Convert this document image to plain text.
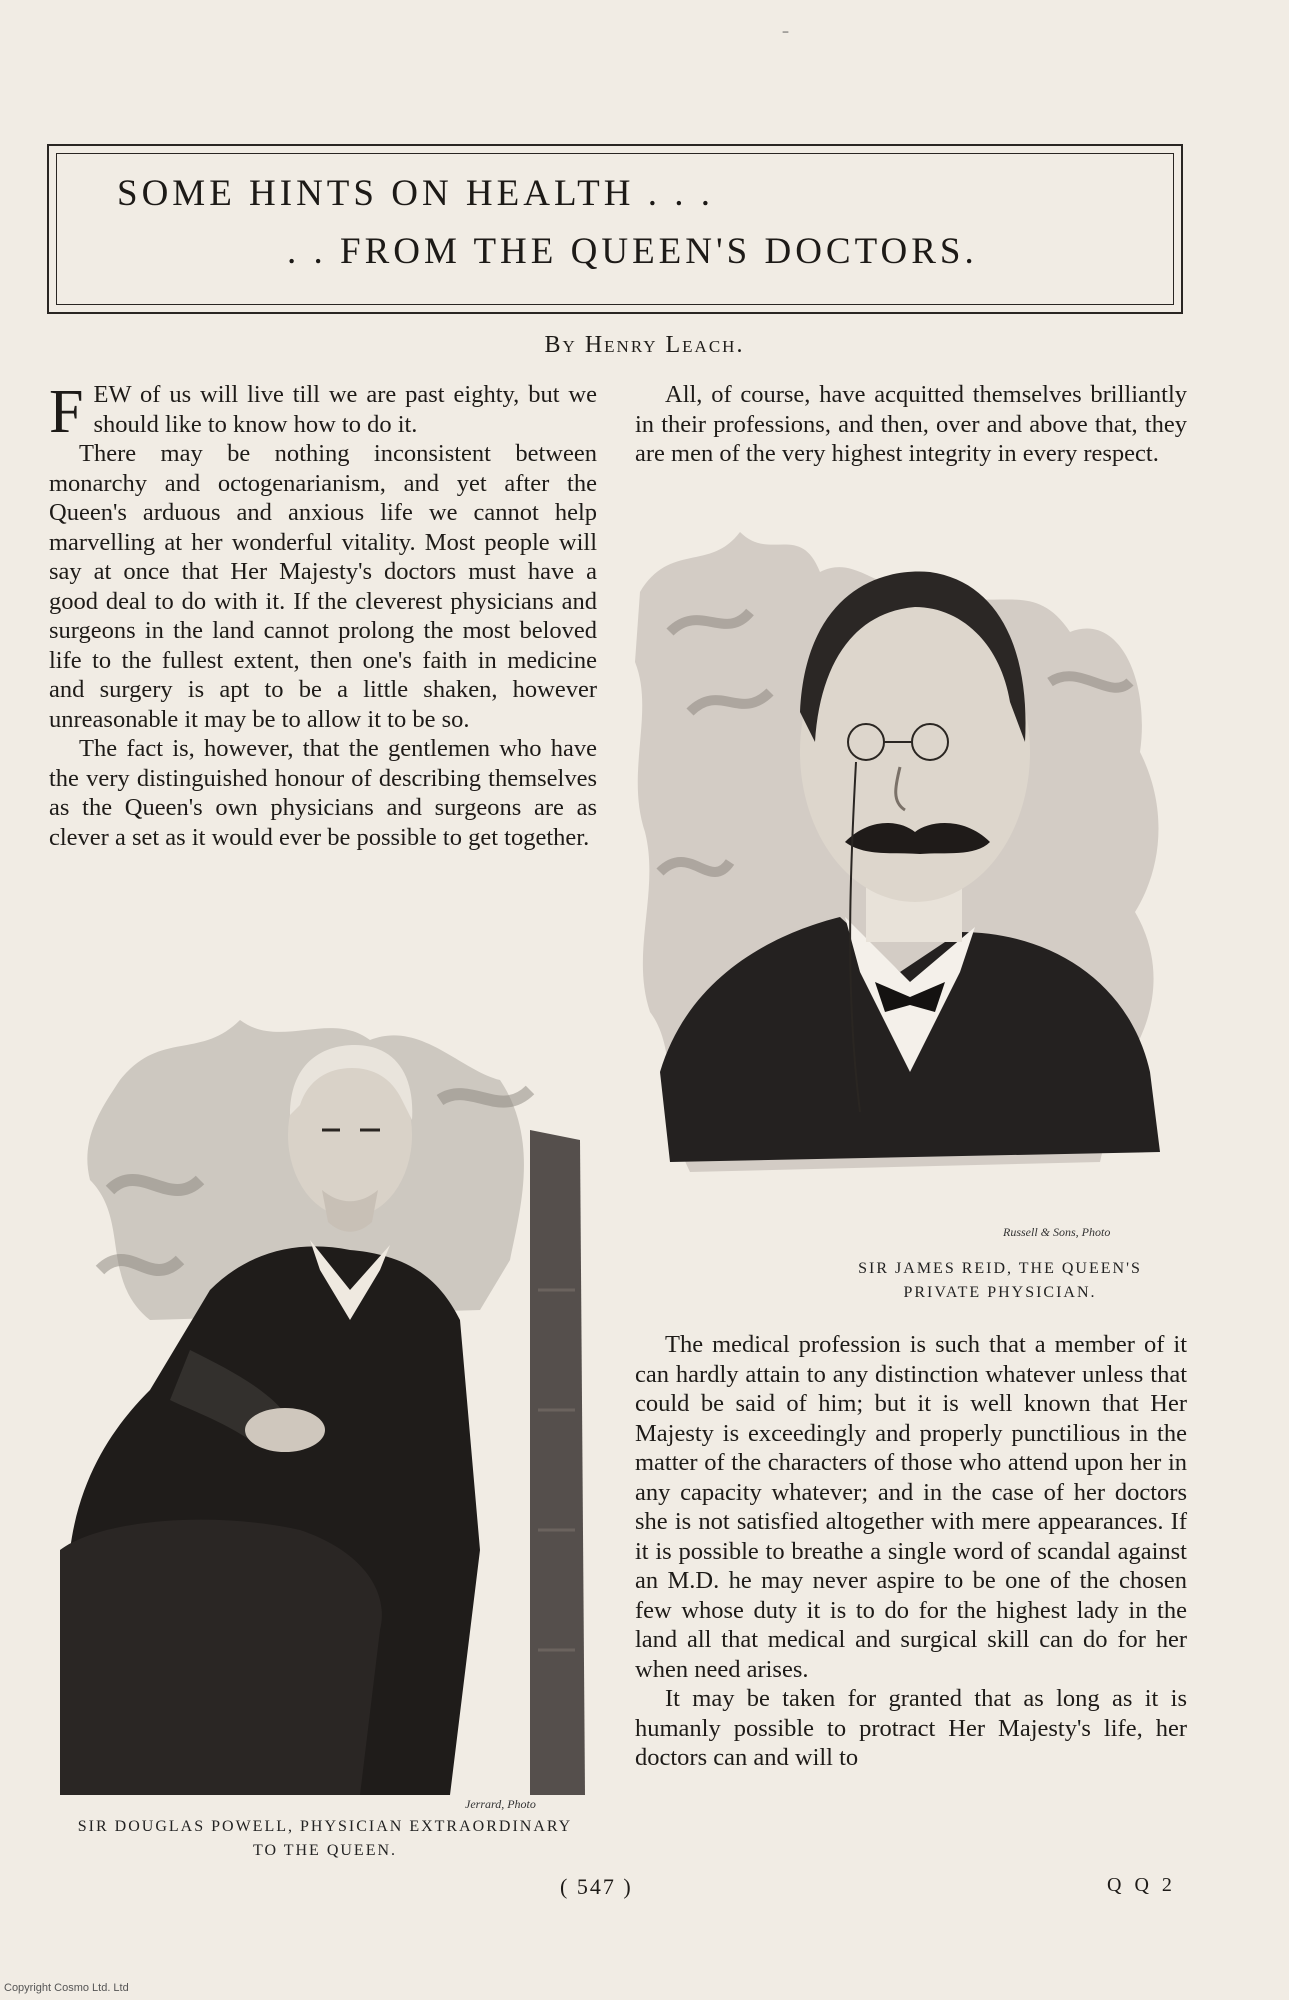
–
SOME HINTS ON HEALTH . . .
. . FROM THE QUEEN'S DOCTORS.
By Henry Leach.

FEW of us will live till we are past eighty, but we should like to know how to do it.

There may be nothing inconsistent between monarchy and octogenarianism, and yet after the Queen's arduous and anxious life we cannot help marvelling at her wonderful vitality. Most people will say at once that Her Majesty's doctors must have a good deal to do with it. If the cleverest physicians and surgeons in the land cannot prolong the most beloved life to the fullest extent, then one's faith in medicine and surgery is apt to be a little shaken, however unreasonable it may be to allow it to be so.

The fact is, however, that the gentlemen who have the very distinguished honour of describing themselves as the Queen's own physicians and surgeons are as clever a set as it would ever be possible to get together.

All, of course, have acquitted themselves brilliantly in their professions, and then, over and above that, they are men of the very highest integrity in every respect.

Russell & Sons, Photo
SIR JAMES REID, THE QUEEN'S
PRIVATE PHYSICIAN.

The medical profession is such that a member of it can hardly attain to any distinction whatever unless that could be said of him; but it is well known that Her Majesty is exceedingly and properly punctilious in the matter of the characters of those who attend upon her in any capacity whatever; and in the case of her doctors she is not satisfied altogether with mere appearances. If it is possible to breathe a single word of scandal against an M.D. he may never aspire to be one of the chosen few whose duty it is to do for the highest lady in the land all that medical and surgical skill can do for her when need arises.

It may be taken for granted that as long as it is humanly possible to protract Her Majesty's life, her doctors can and will to

Jerrard, Photo
SIR DOUGLAS POWELL, PHYSICIAN EXTRAORDINARY
TO THE QUEEN.
( 547 )	Q Q 2
Copyright Cosmo Ltd. Ltd
